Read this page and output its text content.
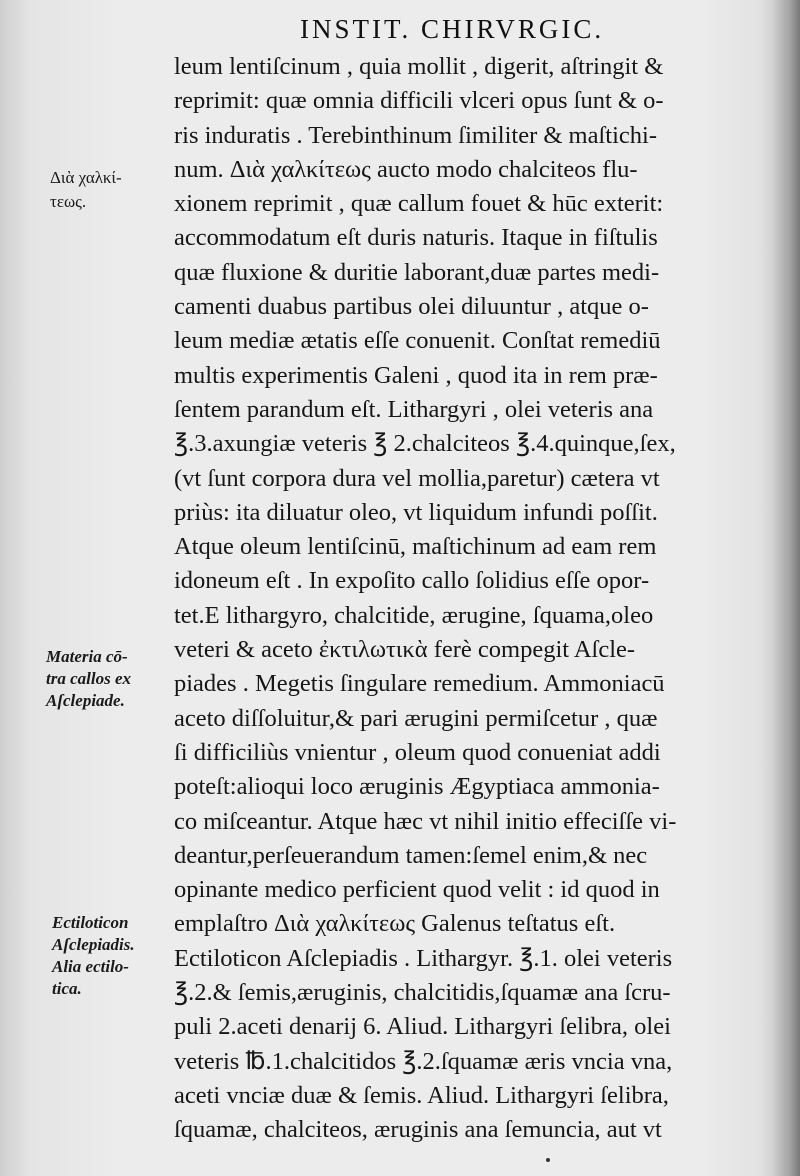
INSTIT. CHIRVRGIC.
Διὰ χαλκί-
τεως.
Materia cō-
tra callos ex
Aſclepiade.
Ectiloticon
Aſclepiadis.
Alia ectilo-
tica.
leum lentiſcinum , quia mollit , digerit, aſtringit &
reprimit: quæ omnia difficili vlceri opus ſunt & o-
ris induratis . Terebinthinum ſimiliter & maſtichi-
num. Διὰ χαλκίτεως aucto modo chalciteos flu-
xionem reprimit , quæ callum fouet & hūc exterit:
accommodatum eſt duris naturis. Itaque in fiſtulis
quæ fluxione & duritie laborant,duæ partes medi-
camenti duabus partibus olei diluuntur , atque o-
leum mediæ ætatis eſſe conuenit. Conſtat remediū
multis experimentis Galeni , quod ita in rem præ-
ſentem parandum eſt. Lithargyri , olei veteris ana
℥.3.axungiæ veteris ℥ 2.chalciteos ℥.4.quinque,ſex,
(vt ſunt corpora dura vel mollia,paretur) cætera vt
priùs: ita diluatur oleo, vt liquidum infundi poſſit.
Atque oleum lentiſcinū, maſtichinum ad eam rem
idoneum eſt . In expoſito callo ſolidius eſſe opor-
tet.E lithargyro, chalcitide, ærugine, ſquama,oleo
veteri & aceto ἐκτιλωτικὰ ferè compegit Aſcle-
piades . Megetis ſingulare remedium. Ammoniacū
aceto diſſoluitur,& pari ærugini permiſcetur , quæ
ſi difficiliùs vnientur , oleum quod conueniat addi
poteſt:alioqui loco æruginis Ægyptiaca ammonia-
co miſceantur. Atque hæc vt nihil initio effeciſſe vi-
deantur,perſeuerandum tamen:ſemel enim,& nec
opinante medico perficient quod velit : id quod in
emplaſtro Διὰ χαλκίτεως Galenus teſtatus eſt.
Ectiloticon Aſclepiadis . Lithargyr. ℥.1. olei veteris
℥.2.& ſemis,æruginis, chalcitidis,ſquamæ ana ſcru-
puli 2.aceti denarij 6. Aliud. Lithargyri ſelibra, olei
veteris ℔.1.chalcitidos ℥.2.ſquamæ æris vncia vna,
aceti vnciæ duæ & ſemis. Aliud. Lithargyri ſelibra,
ſquamæ, chalciteos, æruginis ana ſemuncia, aut vt
